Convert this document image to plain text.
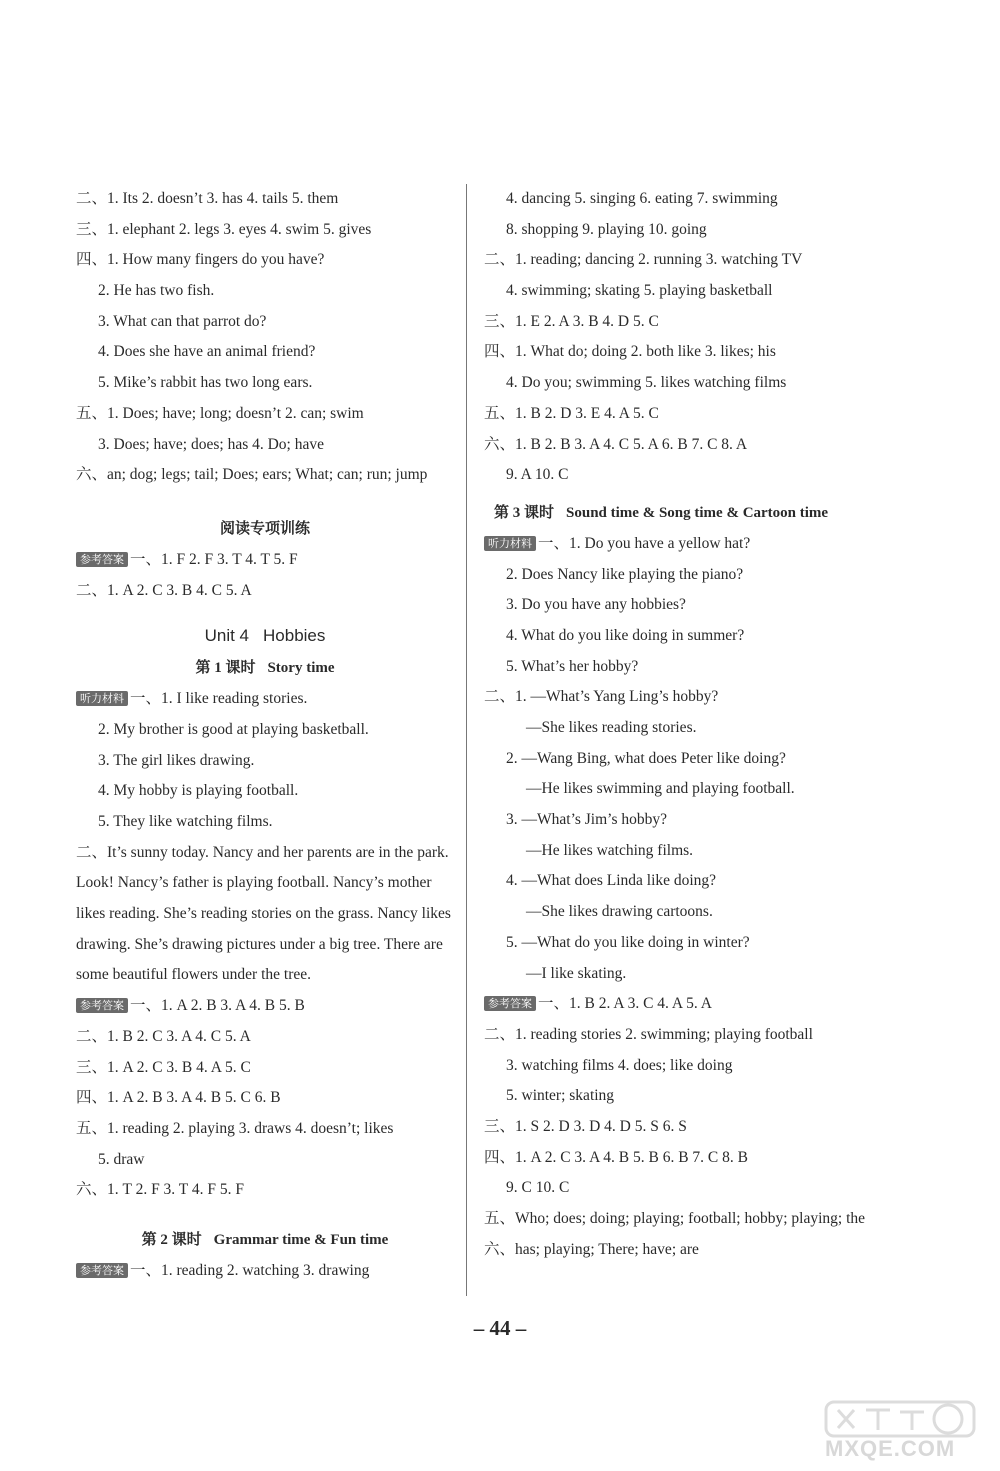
二、1. Its 2. doesn’t 3. has 4. tails 5. them
三、1. elephant 2. legs 3. eyes 4. swim 5. gives
四、1. How many fingers do you have?
2. He has two fish.
3. What can that parrot do?
4. Does she have an animal friend?
5. Mike’s rabbit has two long ears.
五、1. Does; have; long; doesn’t 2. can; swim
3. Does; have; does; has 4. Do; have
六、an; dog; legs; tail; Does; ears; What; can; run; jump
阅读专项训练
参考答案 一、1. F 2. F 3. T 4. T 5. F
二、1. A 2. C 3. B 4. C 5. A
Unit 4 Hobbies
第 1 课时 Story time
听力材料 一、1. I like reading stories.
2. My brother is good at playing basketball.
3. The girl likes drawing.
4. My hobby is playing football.
5. They like watching films.
二、It’s sunny today. Nancy and her parents are in the park.
Look! Nancy’s father is playing football. Nancy’s mother
likes reading. She’s reading stories on the grass. Nancy likes
drawing. She’s drawing pictures under a big tree. There are
some beautiful flowers under the tree.
参考答案 一、1. A 2. B 3. A 4. B 5. B
二、1. B 2. C 3. A 4. C 5. A
三、1. A 2. C 3. B 4. A 5. C
四、1. A 2. B 3. A 4. B 5. C 6. B
五、1. reading 2. playing 3. draws 4. doesn’t; likes
5. draw
六、1. T 2. F 3. T 4. F 5. F
第 2 课时 Grammar time & Fun time
参考答案 一、1. reading 2. watching 3. drawing
4. dancing 5. singing 6. eating 7. swimming
8. shopping 9. playing 10. going
二、1. reading; dancing 2. running 3. watching TV
4. swimming; skating 5. playing basketball
三、1. E 2. A 3. B 4. D 5. C
四、1. What do; doing 2. both like 3. likes; his
4. Do you; swimming 5. likes watching films
五、1. B 2. D 3. E 4. A 5. C
六、1. B 2. B 3. A 4. C 5. A 6. B 7. C 8. A
9. A 10. C
第 3 课时 Sound time & Song time & Cartoon time
听力材料 一、1. Do you have a yellow hat?
2. Does Nancy like playing the piano?
3. Do you have any hobbies?
4. What do you like doing in summer?
5. What’s her hobby?
二、1. —What’s Yang Ling’s hobby?
—She likes reading stories.
2. —Wang Bing, what does Peter like doing?
—He likes swimming and playing football.
3. —What’s Jim’s hobby?
—He likes watching films.
4. —What does Linda like doing?
—She likes drawing cartoons.
5. —What do you like doing in winter?
—I like skating.
参考答案 一、1. B 2. A 3. C 4. A 5. A
二、1. reading stories 2. swimming; playing football
3. watching films 4. does; like doing
5. winter; skating
三、1. S 2. D 3. D 4. D 5. S 6. S
四、1. A 2. C 3. A 4. B 5. B 6. B 7. C 8. B
9. C 10. C
五、Who; does; doing; playing; football; hobby; playing; the
六、has; playing; There; have; are
– 44 –
MXQE.COM
